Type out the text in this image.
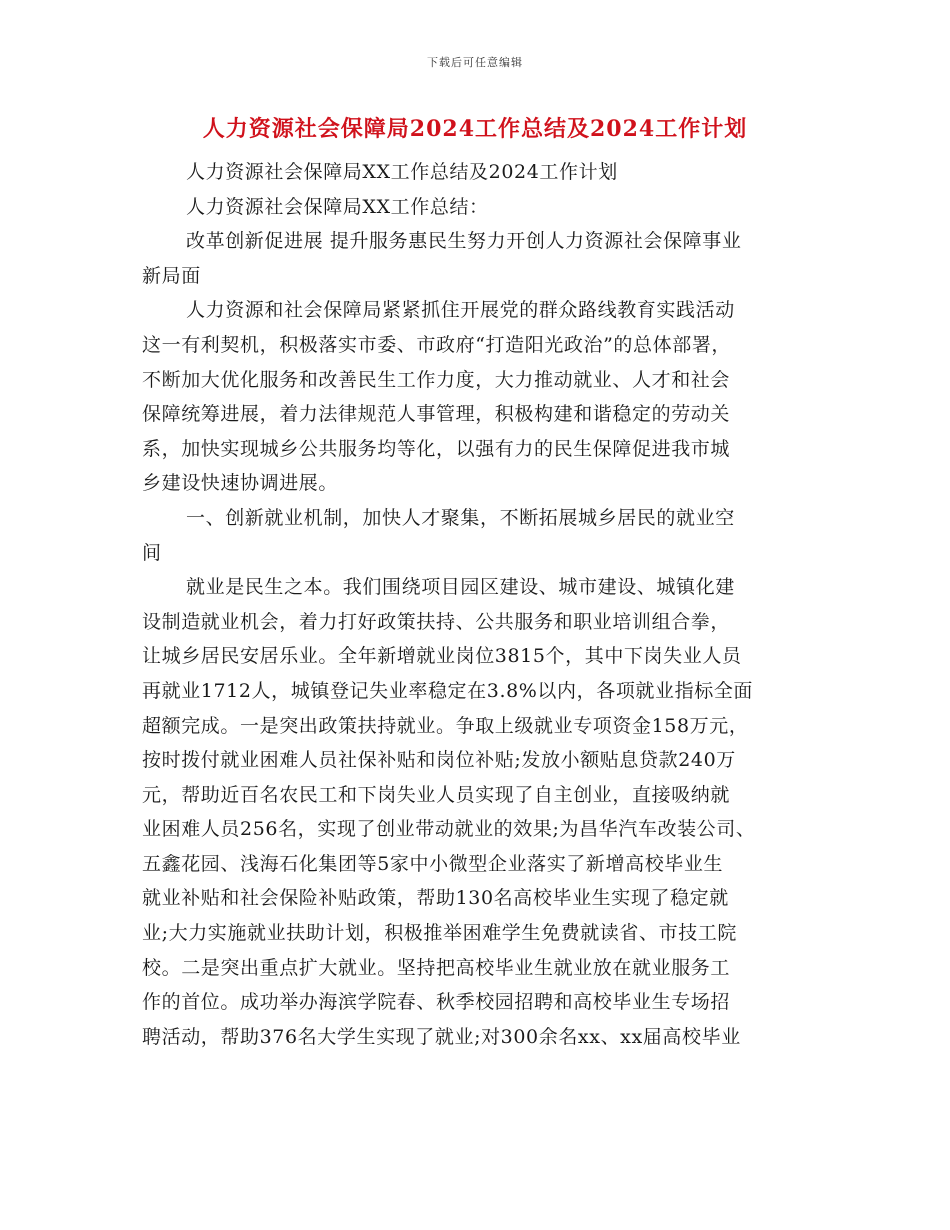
下载后可任意编辑
人力资源社会保障局2024工作总结及2024工作计划
人力资源社会保障局XX工作总结及2024工作计划
人力资源社会保障局XX工作总结：
改革创新促进展 提升服务惠民生努力开创人力资源社会保障事业
新局面
人力资源和社会保障局紧紧抓住开展党的群众路线教育实践活动
这一有利契机，积极落实市委、市政府“打造阳光政治”的总体部署，
不断加大优化服务和改善民生工作力度，大力推动就业、人才和社会
保障统筹进展，着力法律规范人事管理，积极构建和谐稳定的劳动关
系，加快实现城乡公共服务均等化，以强有力的民生保障促进我市城
乡建设快速协调进展。
一、创新就业机制，加快人才聚集，不断拓展城乡居民的就业空
间
就业是民生之本。我们围绕项目园区建设、城市建设、城镇化建
设制造就业机会，着力打好政策扶持、公共服务和职业培训组合拳，
让城乡居民安居乐业。全年新增就业岗位3815个，其中下岗失业人员
再就业1712人，城镇登记失业率稳定在3.8%以内，各项就业指标全面
超额完成。一是突出政策扶持就业。争取上级就业专项资金158万元，
按时拨付就业困难人员社保补贴和岗位补贴;发放小额贴息贷款240万
元，帮助近百名农民工和下岗失业人员实现了自主创业，直接吸纳就
业困难人员256名，实现了创业带动就业的效果;为昌华汽车改装公司、
五鑫花园、浅海石化集团等5家中小微型企业落实了新增高校毕业生
就业补贴和社会保险补贴政策，帮助130名高校毕业生实现了稳定就
业;大力实施就业扶助计划，积极推举困难学生免费就读省、市技工院
校。二是突出重点扩大就业。坚持把高校毕业生就业放在就业服务工
作的首位。成功举办海滨学院春、秋季校园招聘和高校毕业生专场招
聘活动，帮助376名大学生实现了就业;对300余名xx、xx届高校毕业
